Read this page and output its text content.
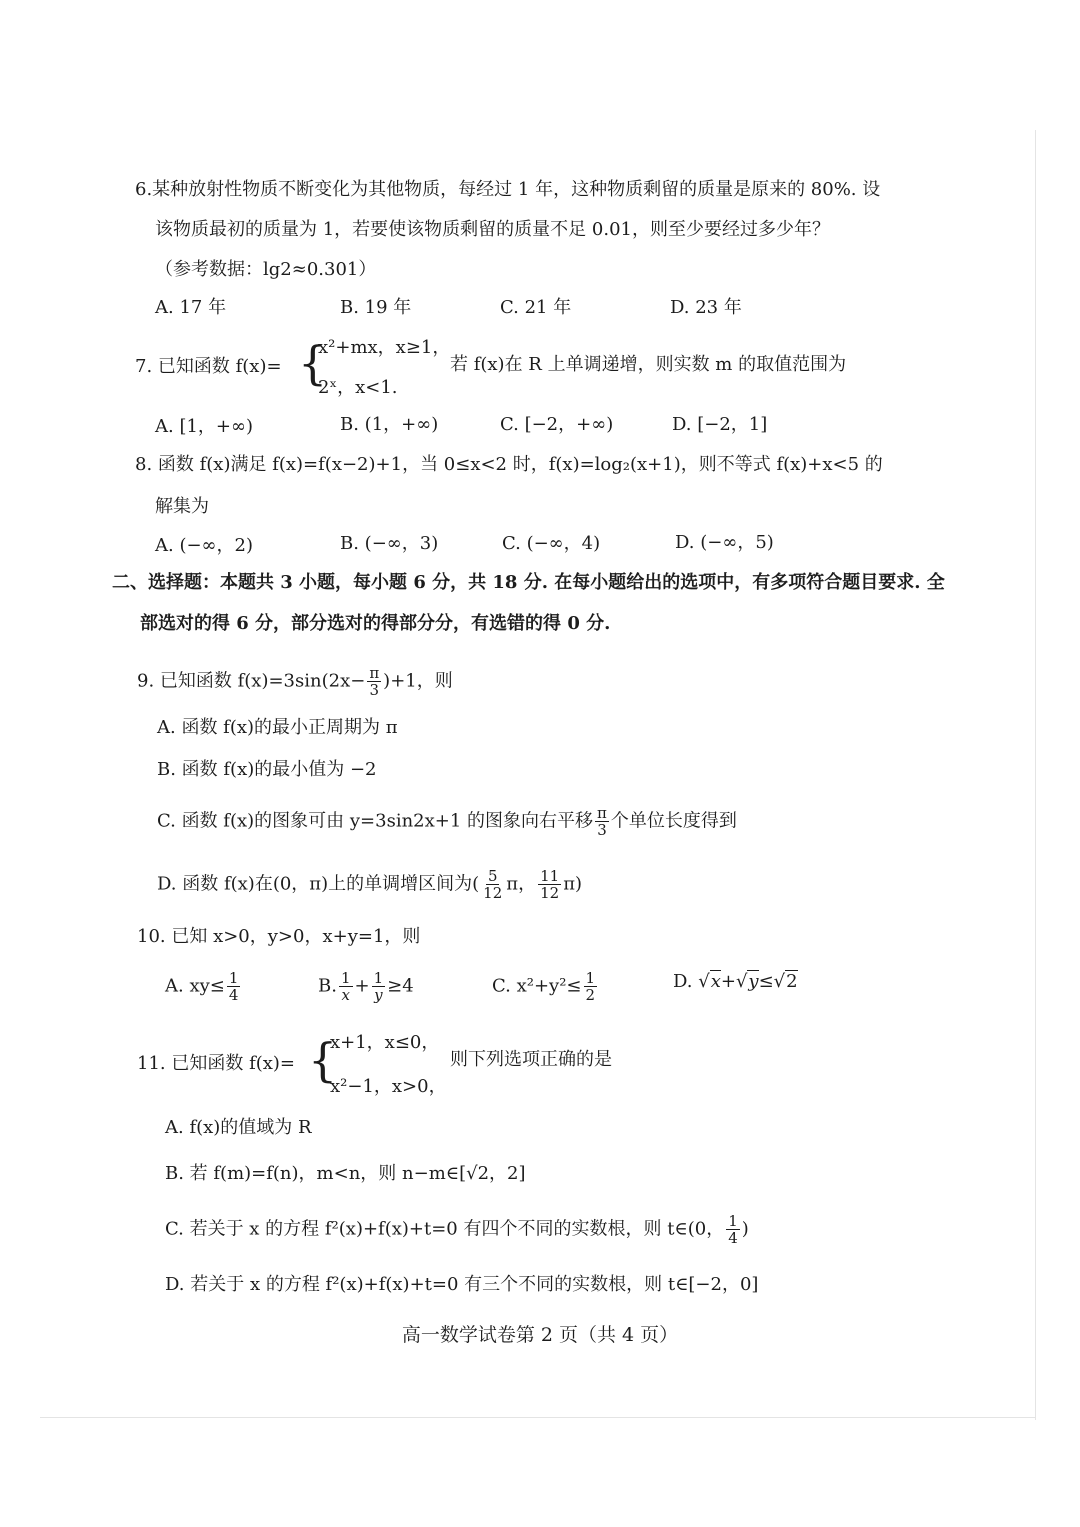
6.某种放射性物质不断变化为其他物质，每经过 1 年，这种物质剩留的质量是原来的 80%. 设
该物质最初的质量为 1，若要使该物质剩留的质量不足 0.01，则至少要经过多少年？
（参考数据：lg2≈0.301）
A. 17 年	B. 19 年	C. 21 年	D. 23 年
7. 已知函数 f(x)= {
x²+mx，x≥1，
2ˣ，x<1.
若 f(x)在 R 上单调递增，则实数 m 的取值范围为
A. [1，+∞)	B. (1，+∞)	C. [−2，+∞)	D. [−2，1]
8. 函数 f(x)满足 f(x)=f(x−2)+1，当 0≤x<2 时，f(x)=log₂(x+1)，则不等式 f(x)+x<5 的
解集为
A. (−∞，2)	B. (−∞，3)	C. (−∞，4)	D. (−∞，5)
二、选择题：本题共 3 小题，每小题 6 分，共 18 分. 在每小题给出的选项中，有多项符合题目要求. 全
部选对的得 6 分，部分选对的得部分分，有选错的得 0 分.
9. 已知函数 $f(x)=3\sin(2x- \frac{\pi}{3} )+1$，则
A. 函数 f(x)的最小正周期为 π
B. 函数 f(x)的最小值为 −2
C. 函数 f(x)的图象可由 y=3sin2x+1 的图象向右平移 $\frac{\pi}{3}$ 个单位长度得到
D. 函数 f(x)在(0，π)上的单调增区间为( $\frac{5}{12}$ π， $\frac{11}{12} \pi$)
10. 已知 x>0，y>0，x+y=1，则
A. $xy\le \frac{1}{4}$	B. $\frac{1}{x} + \frac{1}{y} \ge 4$	C. $x^2+y^2\le \frac{1}{2}$	D. √x+√y≤√2
11. 已知函数 f(x)= {
x+1，x≤0，
x²−1，x>0，
则下列选项正确的是
A. f(x)的值域为 R
B. 若 f(m)=f(n)，m<n，则 n−m∈[√2，2]
C. 若关于 x 的方程 f²(x)+f(x)+t=0 有四个不同的实数根，则 t∈(0， $\frac{1}{4}$ )
D. 若关于 x 的方程 f²(x)+f(x)+t=0 有三个不同的实数根，则 t∈[−2，0]
高一数学试卷第 2 页（共 4 页）
